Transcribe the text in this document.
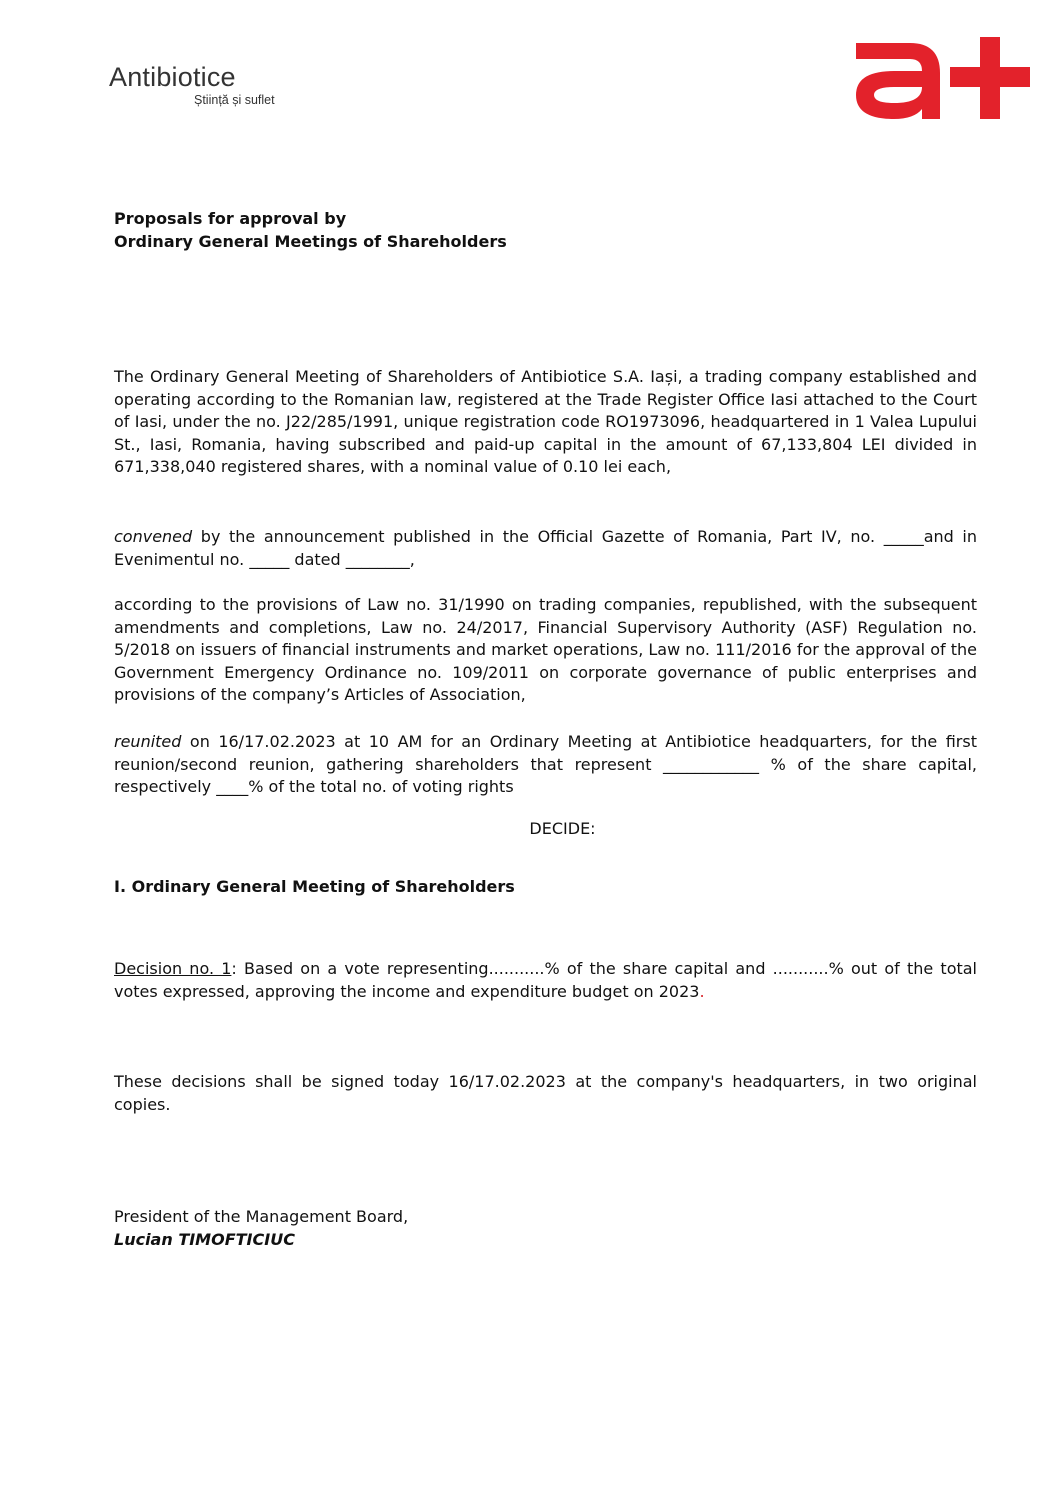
Antibiotice
Știință și suflet
Proposals for approval by
Ordinary General Meetings of Shareholders

The Ordinary General Meeting of Shareholders of Antibiotice S.A. Iași, a trading company established and operating according to the Romanian law, registered at the Trade Register Office Iasi attached to the Court of Iasi, under the no. J22/285/1991, unique registration code RO1973096, headquartered in 1 Valea Lupului St., Iasi, Romania, having subscribed and paid-up capital in the amount of 67,133,804 LEI divided in 671,338,040 registered shares, with a nominal value of 0.10 lei each,

convened by the announcement published in the Official Gazette of Romania, Part IV, no. _____and in Evenimentul no. _____ dated ________,

according to the provisions of Law no. 31/1990 on trading companies, republished, with the subsequent amendments and completions, Law no. 24/2017, Financial Supervisory Authority (ASF) Regulation no. 5/2018 on issuers of financial instruments and market operations, Law no. 111/2016 for the approval of the Government Emergency Ordinance no. 109/2011 on corporate governance of public enterprises and provisions of the company’s Articles of Association,

reunited on 16/17.02.2023 at 10 AM for an Ordinary Meeting at Antibiotice headquarters, for the first reunion/second reunion, gathering shareholders that represent ____________ % of the share capital, respectively ____% of the total no. of voting rights

DECIDE:
I. Ordinary General Meeting of Shareholders

Decision no. 1: Based on a vote representing...........% of the share capital and ...........% out of the total votes expressed, approving the income and expenditure budget on 2023.

These decisions shall be signed today 16/17.02.2023 at the company's headquarters, in two original copies.

President of the Management Board,
Lucian TIMOFTICIUC
